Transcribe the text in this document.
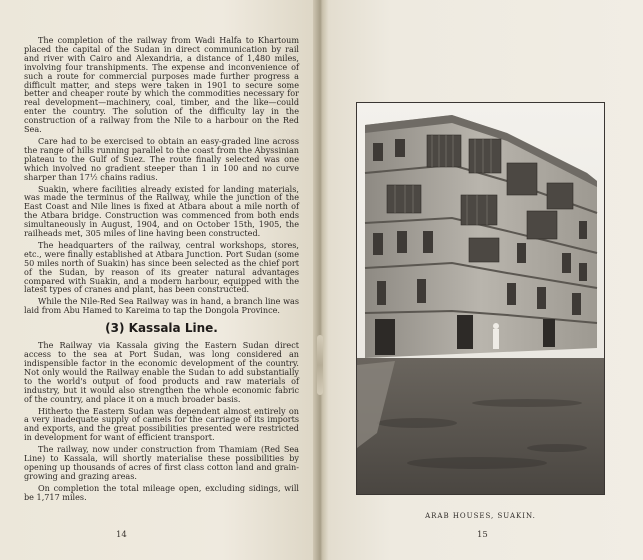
The completion of the railway from Wadi Halfa to Khartoum placed the capital of the Sudan in direct communication by rail and river with Cairo and Alexandria, a distance of 1,480 miles, involving four transhipments. The expense and inconvenience of such a route for commercial purposes made further progress a difficult matter, and steps were taken in 1901 to secure some better and cheaper route by which the commodities necessary for real development—machinery, coal, timber, and the like—could enter the country. The solution of the difficulty lay in the construction of a railway from the Nile to a harbour on the Red Sea.

Care had to be exercised to obtain an easy-graded line across the range of hills running parallel to the coast from the Abyssinian plateau to the Gulf of Suez. The route finally selected was one which involved no gradient steeper than 1 in 100 and no curve sharper than 17½ chains radius.

Suakin, where facilities already existed for landing materials, was made the terminus of the Railway, while the junction of the East Coast and Nile lines is fixed at Atbara about a mile north of the Atbara bridge. Construction was commenced from both ends simultaneously in August, 1904, and on October 15th, 1905, the railheads met, 305 miles of line having been constructed.

The headquarters of the railway, central workshops, stores, etc., were finally established at Atbara Junction. Port Sudan (some 50 miles north of Suakin) has since been selected as the chief port of the Sudan, by reason of its greater natural advantages compared with Suakin, and a modern harbour, equipped with the latest types of cranes and plant, has been constructed.

While the Nile-Red Sea Railway was in hand, a branch line was laid from Abu Hamed to Kareima to tap the Dongola Province.

(3) Kassala Line.

The Railway via Kassala giving the Eastern Sudan direct access to the sea at Port Sudan, was long considered an indispensible factor in the economic development of the country. Not only would the Railway enable the Sudan to add substantially to the world's output of food products and raw materials of industry, but it would also strengthen the whole economic fabric of the country, and place it on a much broader basis.

Hitherto the Eastern Sudan was dependent almost entirely on a very inadequate supply of camels for the carriage of its imports and exports, and the great possibilities presented were restricted in development for want of efficient transport.

The railway, now under construction from Thamiam (Red Sea Line) to Kassala, will shortly materialise these possibilities by opening up thousands of acres of first class cotton land and grain-growing and grazing areas.

On completion the total mileage open, excluding sidings, will be 1,717 miles.

14
ARAB HOUSES, SUAKIN.
15
